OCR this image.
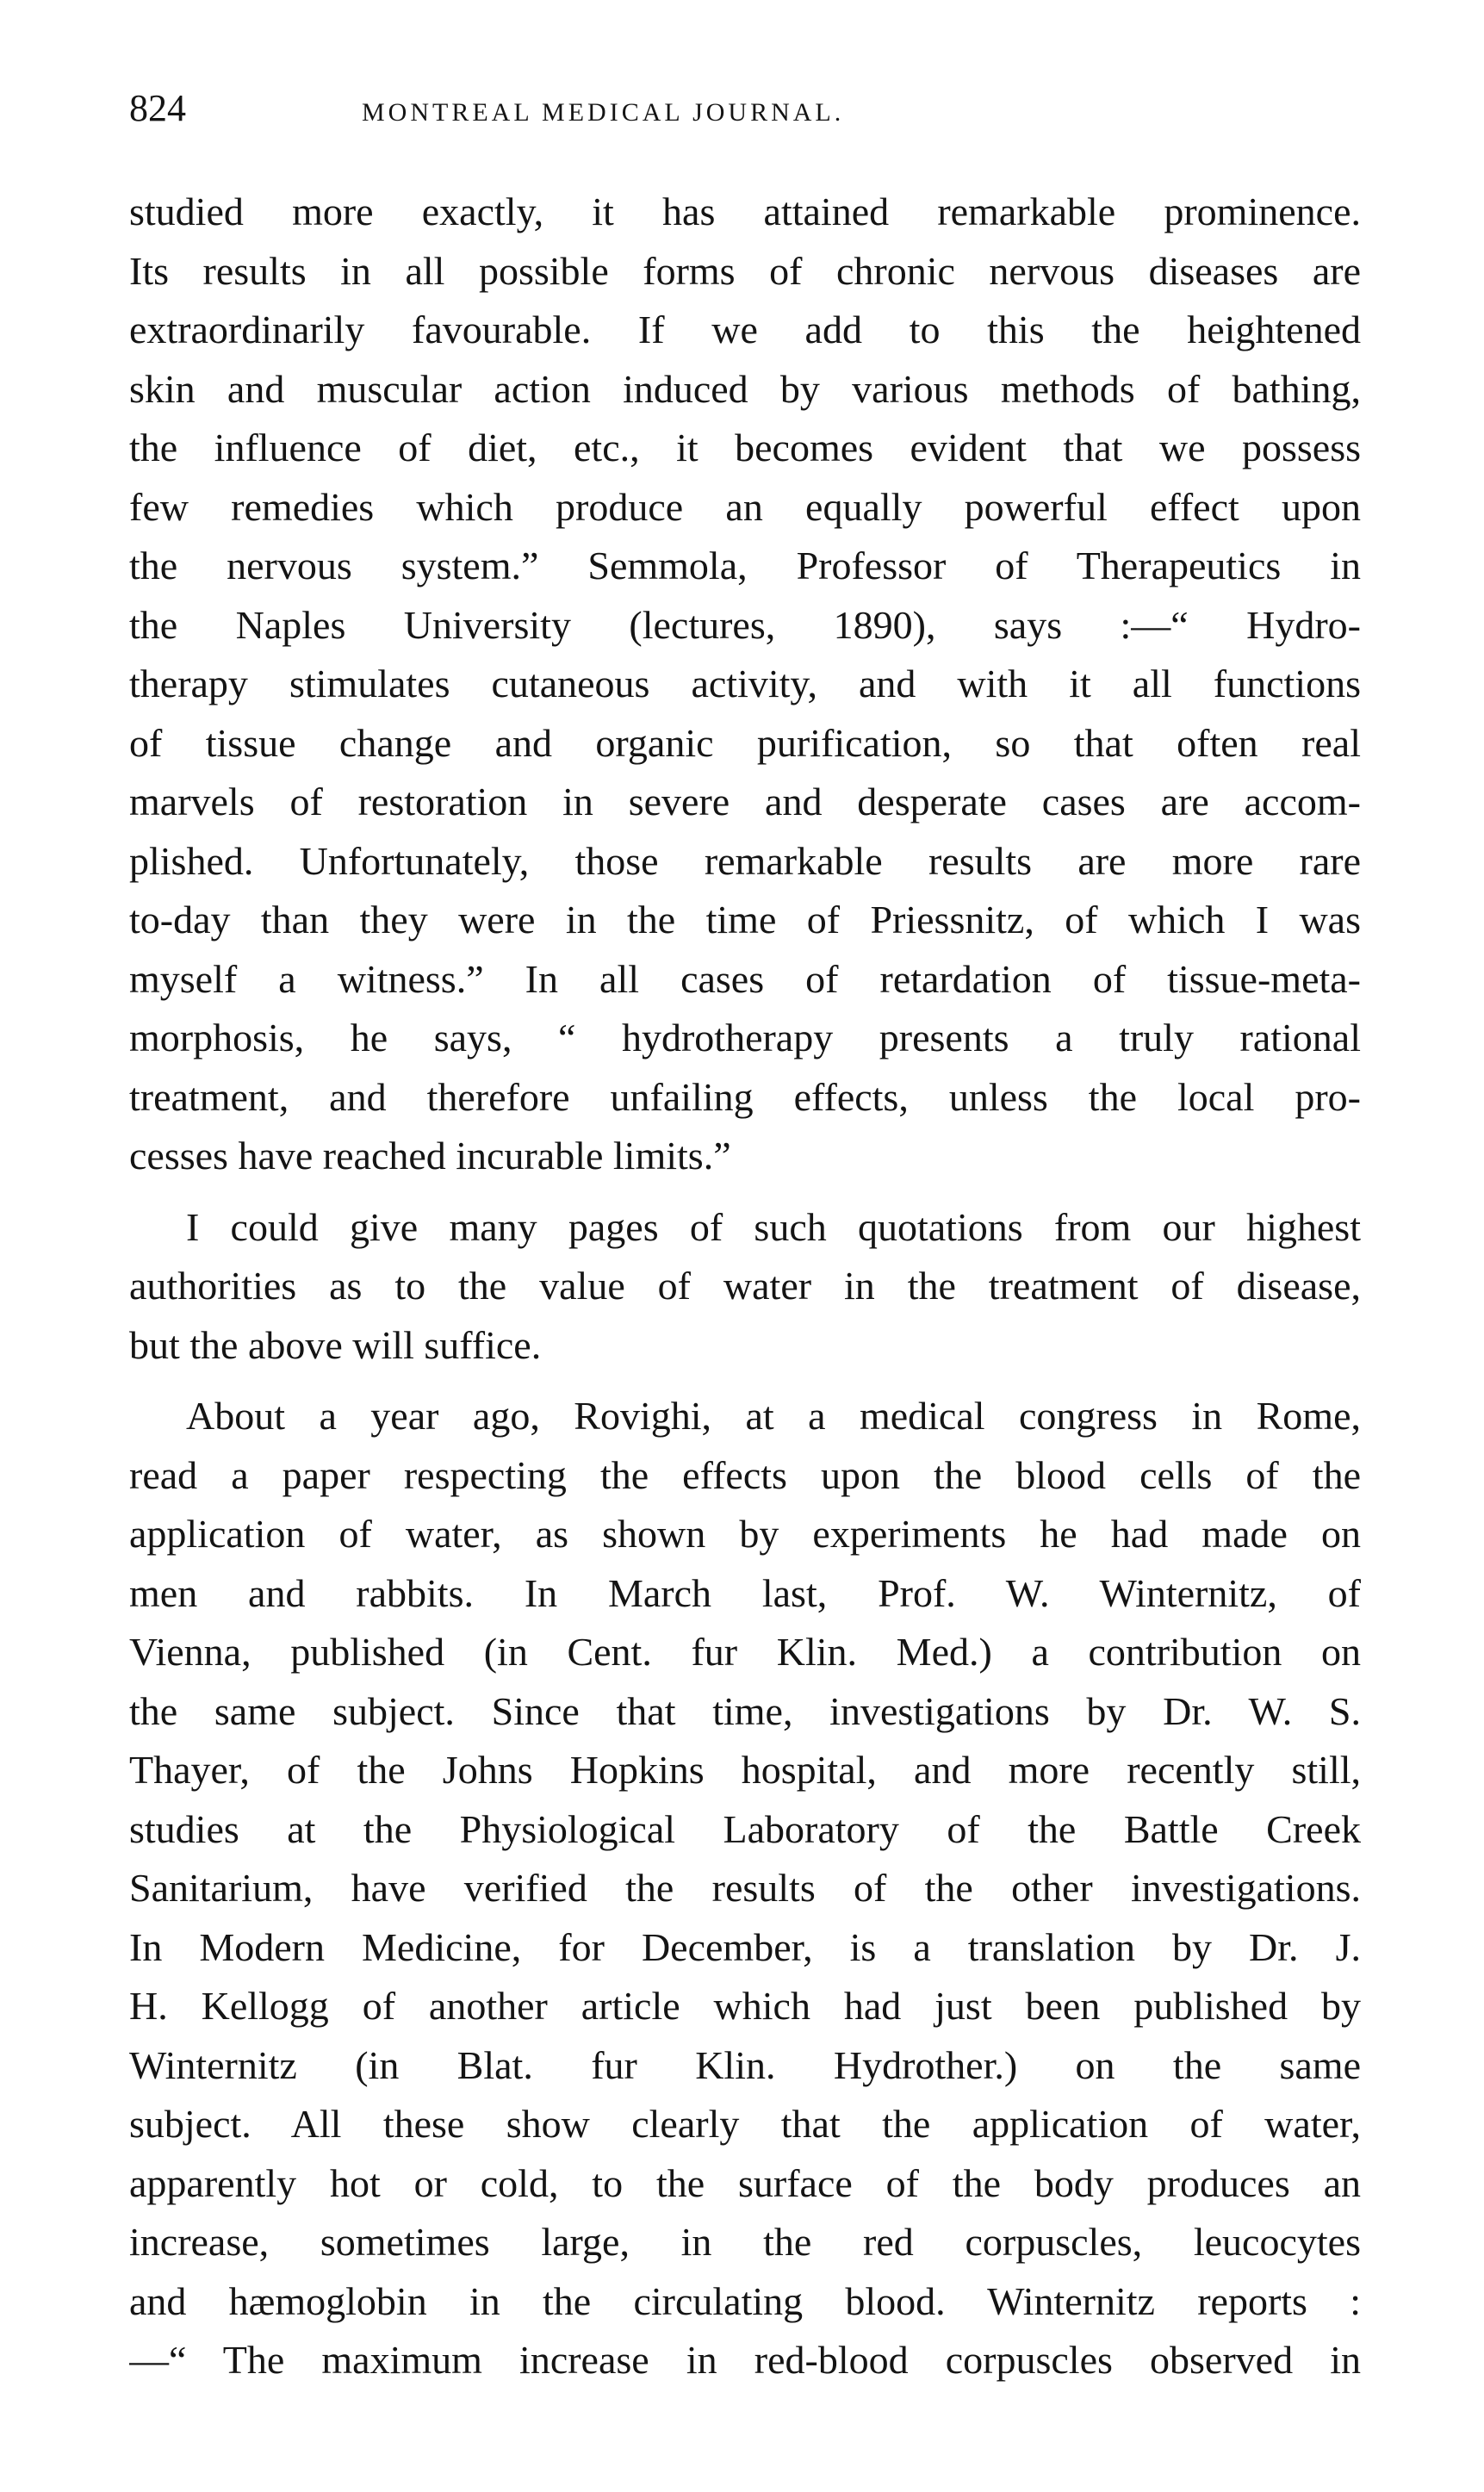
824	MONTREAL MEDICAL JOURNAL.
studied more exactly, it has attained remarkable prominence.
Its results in all possible forms of chronic nervous diseases are
extraordinarily favourable. If we add to this the heightened
skin and muscular action induced by various methods of bathing,
the influence of diet, etc., it becomes evident that we possess
few remedies which produce an equally powerful effect upon
the nervous system.” Semmola, Professor of Therapeutics in
the Naples University (lectures, 1890), says :—“ Hydro-
therapy stimulates cutaneous activity, and with it all functions
of tissue change and organic purification, so that often real
marvels of restoration in severe and desperate cases are accom-
plished. Unfortunately, those remarkable results are more rare
to-day than they were in the time of Priessnitz, of which I was
myself a witness.” In all cases of retardation of tissue-meta-
morphosis, he says, “ hydrotherapy presents a truly rational
treatment, and therefore unfailing effects, unless the local pro-
cesses have reached incurable limits.”
I could give many pages of such quotations from our highest
authorities as to the value of water in the treatment of disease,
but the above will suffice.
About a year ago, Rovighi, at a medical congress in Rome,
read a paper respecting the effects upon the blood cells of the
application of water, as shown by experiments he had made on
men and rabbits. In March last, Prof. W. Winternitz, of
Vienna, published (in Cent. fur Klin. Med.) a contribution on
the same subject. Since that time, investigations by Dr. W. S.
Thayer, of the Johns Hopkins hospital, and more recently still,
studies at the Physiological Laboratory of the Battle Creek
Sanitarium, have verified the results of the other investigations.
In Modern Medicine, for December, is a translation by Dr. J.
H. Kellogg of another article which had just been published by
Winternitz (in Blat. fur Klin. Hydrother.) on the same
subject. All these show clearly that the application of water,
apparently hot or cold, to the surface of the body produces an
increase, sometimes large, in the red corpuscles, leucocytes
and hæmoglobin in the circulating blood. Winternitz reports :
—“ The maximum increase in red-blood corpuscles observed in
